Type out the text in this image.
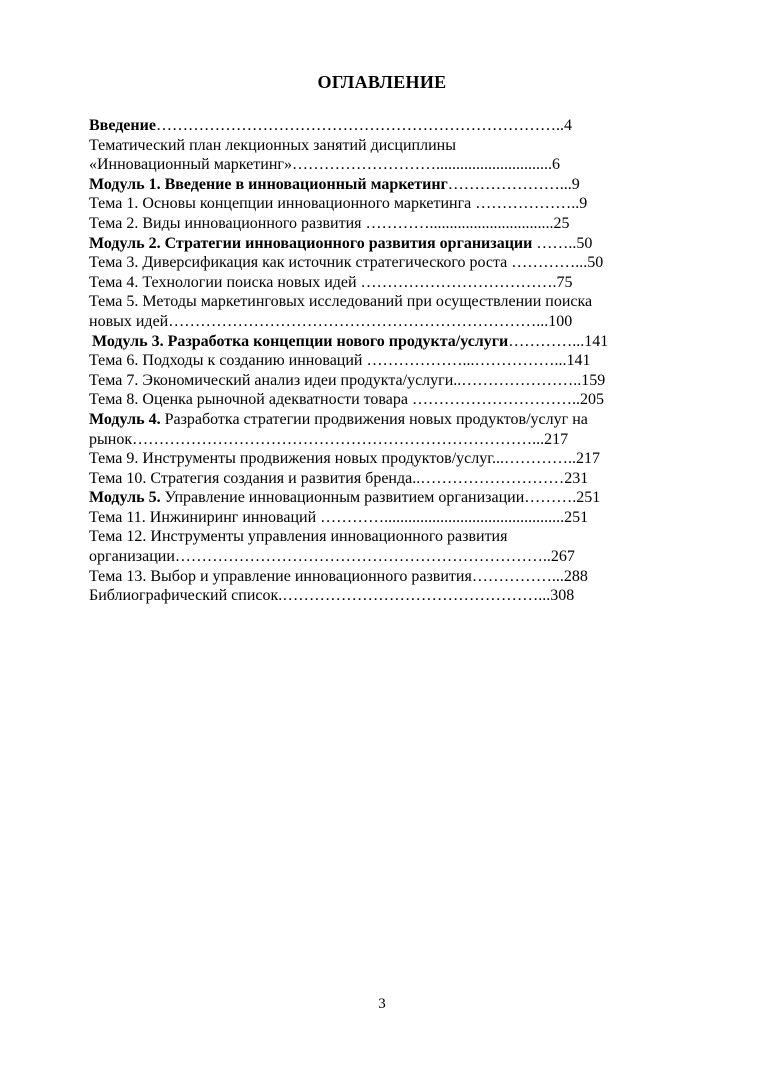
ОГЛАВЛЕНИЕ
Введение…………………………………………………………………..4
Тематический план лекционных занятий дисциплины
«Инновационный маркетинг»……………………….............................6
Модуль 1. Введение в инновационный маркетинг…………………...9
Тема 1. Основы концепции инновационного маркетинга ………………..9
Тема 2. Виды инновационного развития …………...............................25
Модуль 2. Стратегии инновационного развития организации ……..50
Тема 3. Диверсификация как источник стратегического роста …………...50
Тема 4. Технологии поиска новых идей ……………………………….75
Тема 5. Методы маркетинговых исследований при осуществлении поиска
новых идей……………………………………………………………...100
Модуль 3. Разработка концепции нового продукта/услуги…………...141
Тема 6. Подходы к созданию инноваций ………………...……………...141
Тема 7. Экономический анализ идеи продукта/услуги..…………………..159
Тема 8. Оценка рыночной адекватности товара …………………………..205
Модуль 4. Разработка стратегии продвижения новых продуктов/услуг на
рынок…………………………………………………………………...217
Тема 9. Инструменты продвижения новых продуктов/услуг...…………..217
Тема 10. Стратегия создания и развития бренда..………………………231
Модуль 5. Управление инновационным развитием организации……….251
Тема 11. Инжиниринг инноваций ………….............................................251
Тема 12. Инструменты управления инновационного развития
организации……………………………………………………………..267
Тема 13. Выбор и управление инновационного развития……………...288
Библиографический список.…………………………………………...308
3
